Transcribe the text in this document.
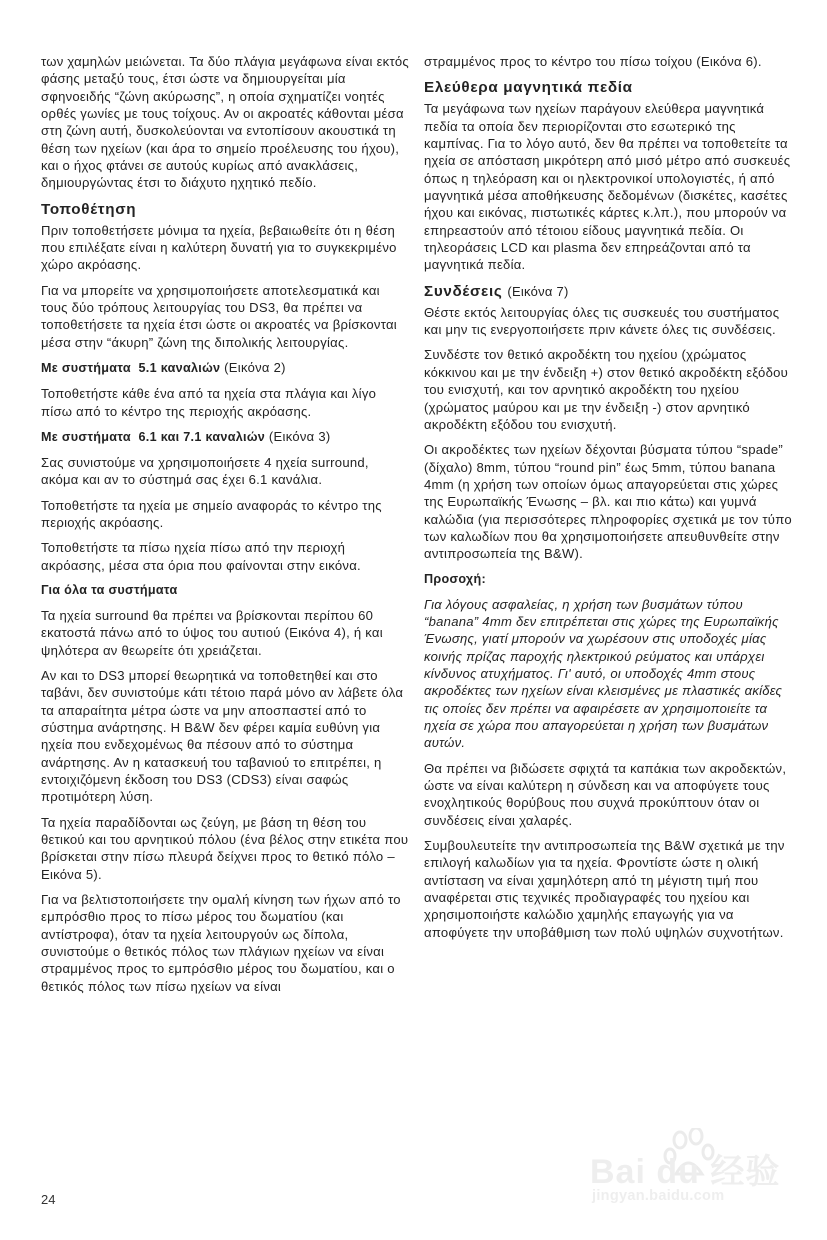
των χαμηλών μειώνεται. Τα δύο πλάγια μεγάφωνα είναι εκτός φάσης μεταξύ τους, έτσι ώστε να δημιουργείται μία σφηνοειδής “ζώνη ακύρωσης”, η οποία σχηματίζει νοητές ορθές γωνίες με τους τοίχους. Αν οι ακροατές κάθονται μέσα στη ζώνη αυτή, δυσκολεύονται να εντοπίσουν ακουστικά τη θέση των ηχείων (και άρα το σημείο προέλευσης του ήχου), και ο ήχος φτάνει σε αυτούς κυρίως από ανακλάσεις, δημιουργώντας έτσι το διάχυτο ηχητικό πεδίο.

Τοποθέτηση

Πριν τοποθετήσετε μόνιμα τα ηχεία, βεβαιωθείτε ότι η θέση που επιλέξατε είναι η καλύτερη δυνατή για το συγκεκριμένο χώρο ακρόασης.

Για να μπορείτε να χρησιμοποιήσετε αποτελεσματικά και τους δύο τρόπους λειτουργίας του DS3, θα πρέπει να τοποθετήσετε τα ηχεία έτσι ώστε οι ακροατές να βρίσκονται μέσα στην “άκυρη” ζώνη της διπολικής λειτουργίας.

Με συστήματα  5.1 καναλιών (Εικόνα 2)

Τοποθετήστε κάθε ένα από τα ηχεία στα πλάγια και λίγο πίσω από το κέντρο της περιοχής ακρόασης.

Με συστήματα  6.1 και 7.1 καναλιών (Εικόνα 3)

Σας συνιστούμε να χρησιμοποιήσετε 4 ηχεία surround, ακόμα και αν το σύστημά σας έχει 6.1 κανάλια.

Τοποθετήστε τα ηχεία με σημείο αναφοράς το κέντρο της περιοχής ακρόασης.

Τοποθετήστε τα πίσω ηχεία πίσω από την περιοχή ακρόασης, μέσα στα όρια που φαίνονται στην εικόνα.

Για όλα τα συστήματα

Τα ηχεία surround θα πρέπει να βρίσκονται περίπου 60 εκατοστά πάνω από το ύψος του αυτιού (Εικόνα 4), ή και ψηλότερα αν θεωρείτε ότι χρειάζεται.

Αν και το DS3 μπορεί θεωρητικά να τοποθετηθεί και στο ταβάνι, δεν συνιστούμε κάτι τέτοιο παρά μόνο αν λάβετε όλα τα απαραίτητα μέτρα ώστε να μην αποσπαστεί από το σύστημα ανάρτησης. Η B&W δεν φέρει καμία ευθύνη για ηχεία που ενδεχομένως θα πέσουν από το σύστημα ανάρτησης. Αν η κατασκευή του ταβανιού το επιτρέπει, η εντοιχιζόμενη έκδοση του DS3 (CDS3) είναι σαφώς προτιμότερη λύση.

Τα ηχεία παραδίδονται ως ζεύγη, με βάση τη θέση του θετικού και του αρνητικού πόλου (ένα βέλος στην ετικέτα που βρίσκεται στην πίσω πλευρά δείχνει προς το θετικό πόλο – Εικόνα 5).

Για να βελτιστοποιήσετε την ομαλή κίνηση των ήχων από το εμπρόσθιο προς το πίσω μέρος του δωματίου (και αντίστροφα), όταν τα ηχεία λειτουργούν ως δίπολα, συνιστούμε ο θετικός πόλος των πλάγιων ηχείων να είναι στραμμένος προς το εμπρόσθιο μέρος του δωματίου, και ο θετικός πόλος των πίσω ηχείων να είναι

στραμμένος προς το κέντρο του πίσω τοίχου (Εικόνα 6).

Ελεύθερα μαγνητικά πεδία

Τα μεγάφωνα των ηχείων παράγουν ελεύθερα μαγνητικά πεδία τα οποία δεν περιορίζονται στο εσωτερικό της καμπίνας. Για το λόγο αυτό, δεν θα πρέπει να τοποθετείτε τα ηχεία σε απόσταση μικρότερη από μισό μέτρο από συσκευές όπως η τηλεόραση και οι ηλεκτρονικοί υπολογιστές, ή από μαγνητικά μέσα αποθήκευσης δεδομένων (δισκέτες, κασέτες ήχου και εικόνας, πιστωτικές κάρτες κ.λπ.), που μπορούν να επηρεαστούν από τέτοιου είδους μαγνητικά πεδία. Οι τηλεοράσεις LCD και plasma δεν επηρεάζονται από τα μαγνητικά πεδία.

Συνδέσεις (Εικόνα 7)

Θέστε εκτός λειτουργίας όλες τις συσκευές του συστήματος και μην τις ενεργοποιήσετε πριν κάνετε όλες τις συνδέσεις.

Συνδέστε τον θετικό ακροδέκτη του ηχείου (χρώματος κόκκινου και με την ένδειξη +) στον θετικό ακροδέκτη εξόδου του ενισχυτή, και τον αρνητικό ακροδέκτη του ηχείου (χρώματος μαύρου και με την ένδειξη -) στον αρνητικό ακροδέκτη εξόδου του ενισχυτή.

Οι ακροδέκτες των ηχείων δέχονται βύσματα τύπου “spade” (δίχαλο) 8mm, τύπου “round pin” έως 5mm, τύπου banana 4mm (η χρήση των οποίων όμως απαγορεύεται στις χώρες της Ευρωπαϊκής Ένωσης – βλ. και πιο κάτω) και γυμνά καλώδια (για περισσότερες πληροφορίες σχετικά με τον τύπο των καλωδίων που θα χρησιμοποιήσετε απευθυνθείτε στην αντιπροσωπεία της B&W).

Προσοχή:

Για λόγους ασφαλείας, η χρήση των βυσμάτων τύπου “banana” 4mm δεν επιτρέπεται στις χώρες της Ευρωπαϊκής Ένωσης, γιατί μπορούν να χωρέσουν στις υποδοχές μίας κοινής πρίζας παροχής ηλεκτρικού ρεύματος και υπάρχει κίνδυνος ατυχήματος. Γι' αυτό, οι υποδοχές 4mm στους ακροδέκτες των ηχείων είναι κλεισμένες με πλαστικές ακίδες τις οποίες δεν πρέπει να αφαιρέσετε αν χρησιμοποιείτε τα ηχεία σε χώρα που απαγορεύεται η χρήση των βυσμάτων αυτών.

Θα πρέπει να βιδώσετε σφιχτά τα καπάκια των ακροδεκτών, ώστε να είναι καλύτερη η σύνδεση και να αποφύγετε τους ενοχλητικούς θορύβους που συχνά προκύπτουν όταν οι συνδέσεις είναι χαλαρές.

Συμβουλευτείτε την αντιπροσωπεία της B&W σχετικά με την επιλογή καλωδίων για τα ηχεία. Φροντίστε ώστε η ολική αντίσταση να είναι χαμηλότερη από τη μέγιστη τιμή που αναφέρεται στις τεχνικές προδιαγραφές του ηχείου και χρησιμοποιήστε καλώδιο χαμηλής επαγωγής για να αποφύγετε την υποβάθμιση των πολύ υψηλών συχνοτήτων.

24
Bai du 经验
jingyan.baidu.com
